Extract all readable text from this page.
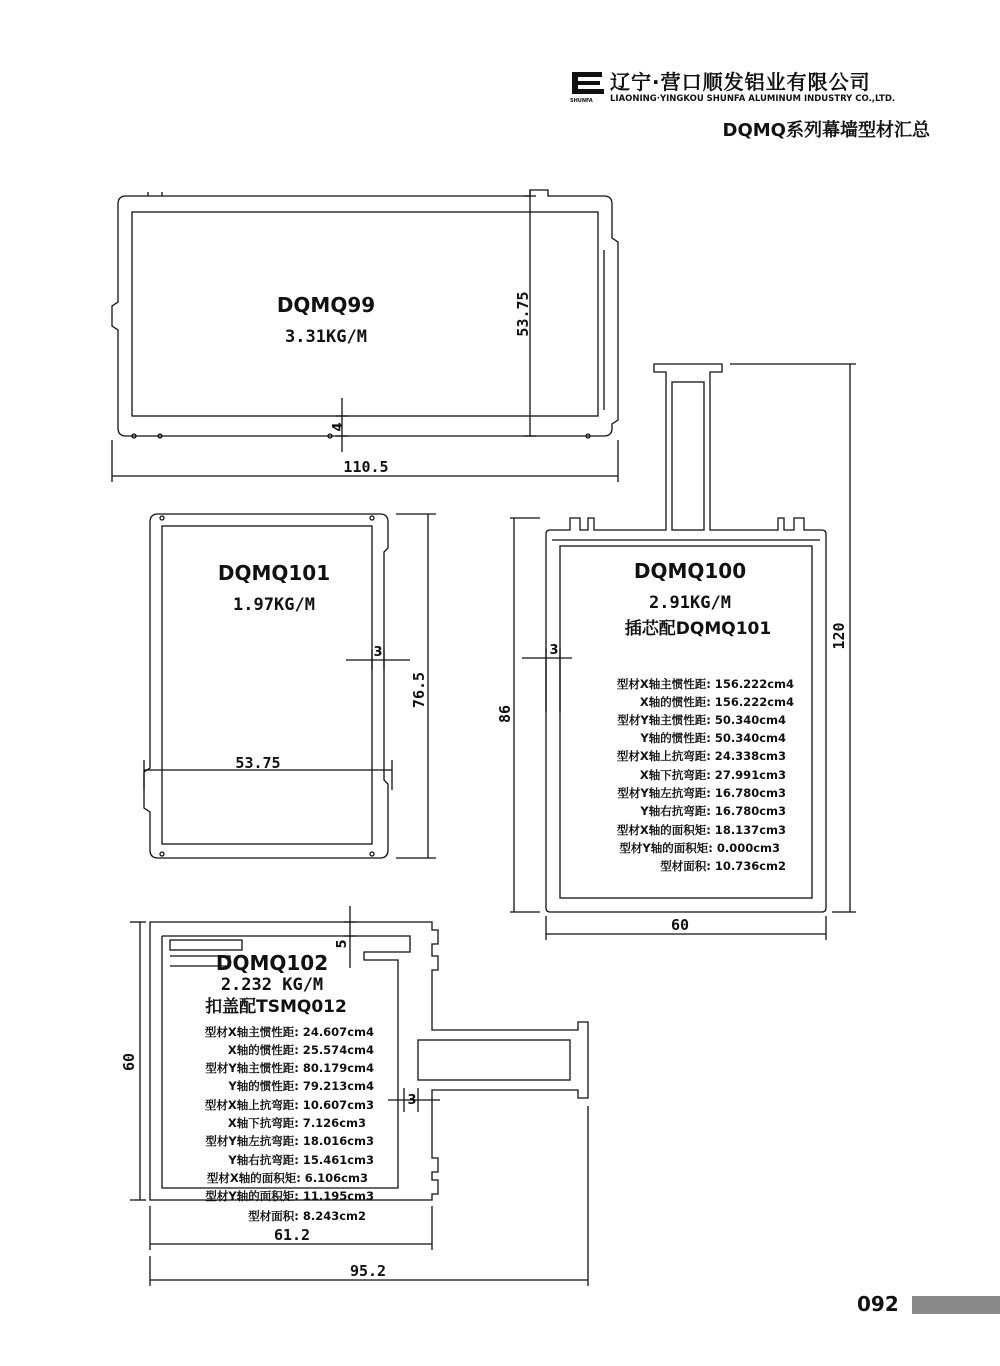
SHUNFA
辽宁·营口顺发铝业有限公司
LIAONING·YINGKOU SHUNFA ALUMINUM INDUSTRY CO.,LTD.
DQMQ系列幕墙型材汇总
DQMQ99
3.31KG/M
110.5
53.75
4
DQMQ101
1.97KG/M
53.75
76.5
3
DQMQ100
2.91KG/M
插芯配DQMQ101
60
86
120
3
型材X轴主惯性距: 156.222cm4
X轴的惯性距: 156.222cm4
型材Y轴主惯性距: 50.340cm4
Y轴的惯性距: 50.340cm4
型材X轴上抗弯距: 24.338cm3
X轴下抗弯距: 27.991cm3
型材Y轴左抗弯距: 16.780cm3
Y轴右抗弯距: 16.780cm3
型材X轴的面积矩: 18.137cm3
型材Y轴的面积矩: 0.000cm3
型材面积: 10.736cm2
DQMQ102
2.232 KG/M
扣盖配TSMQ012
5
3
60
61.2
95.2
型材X轴主惯性距: 24.607cm4
X轴的惯性距: 25.574cm4
型材Y轴主惯性距: 80.179cm4
Y轴的惯性距: 79.213cm4
型材X轴上抗弯距: 10.607cm3
X轴下抗弯距: 7.126cm3
型材Y轴左抗弯距: 18.016cm3
Y轴右抗弯距: 15.461cm3
型材X轴的面积矩: 6.106cm3
型材Y轴的面积矩: 11.195cm3
型材面积: 8.243cm2
092
